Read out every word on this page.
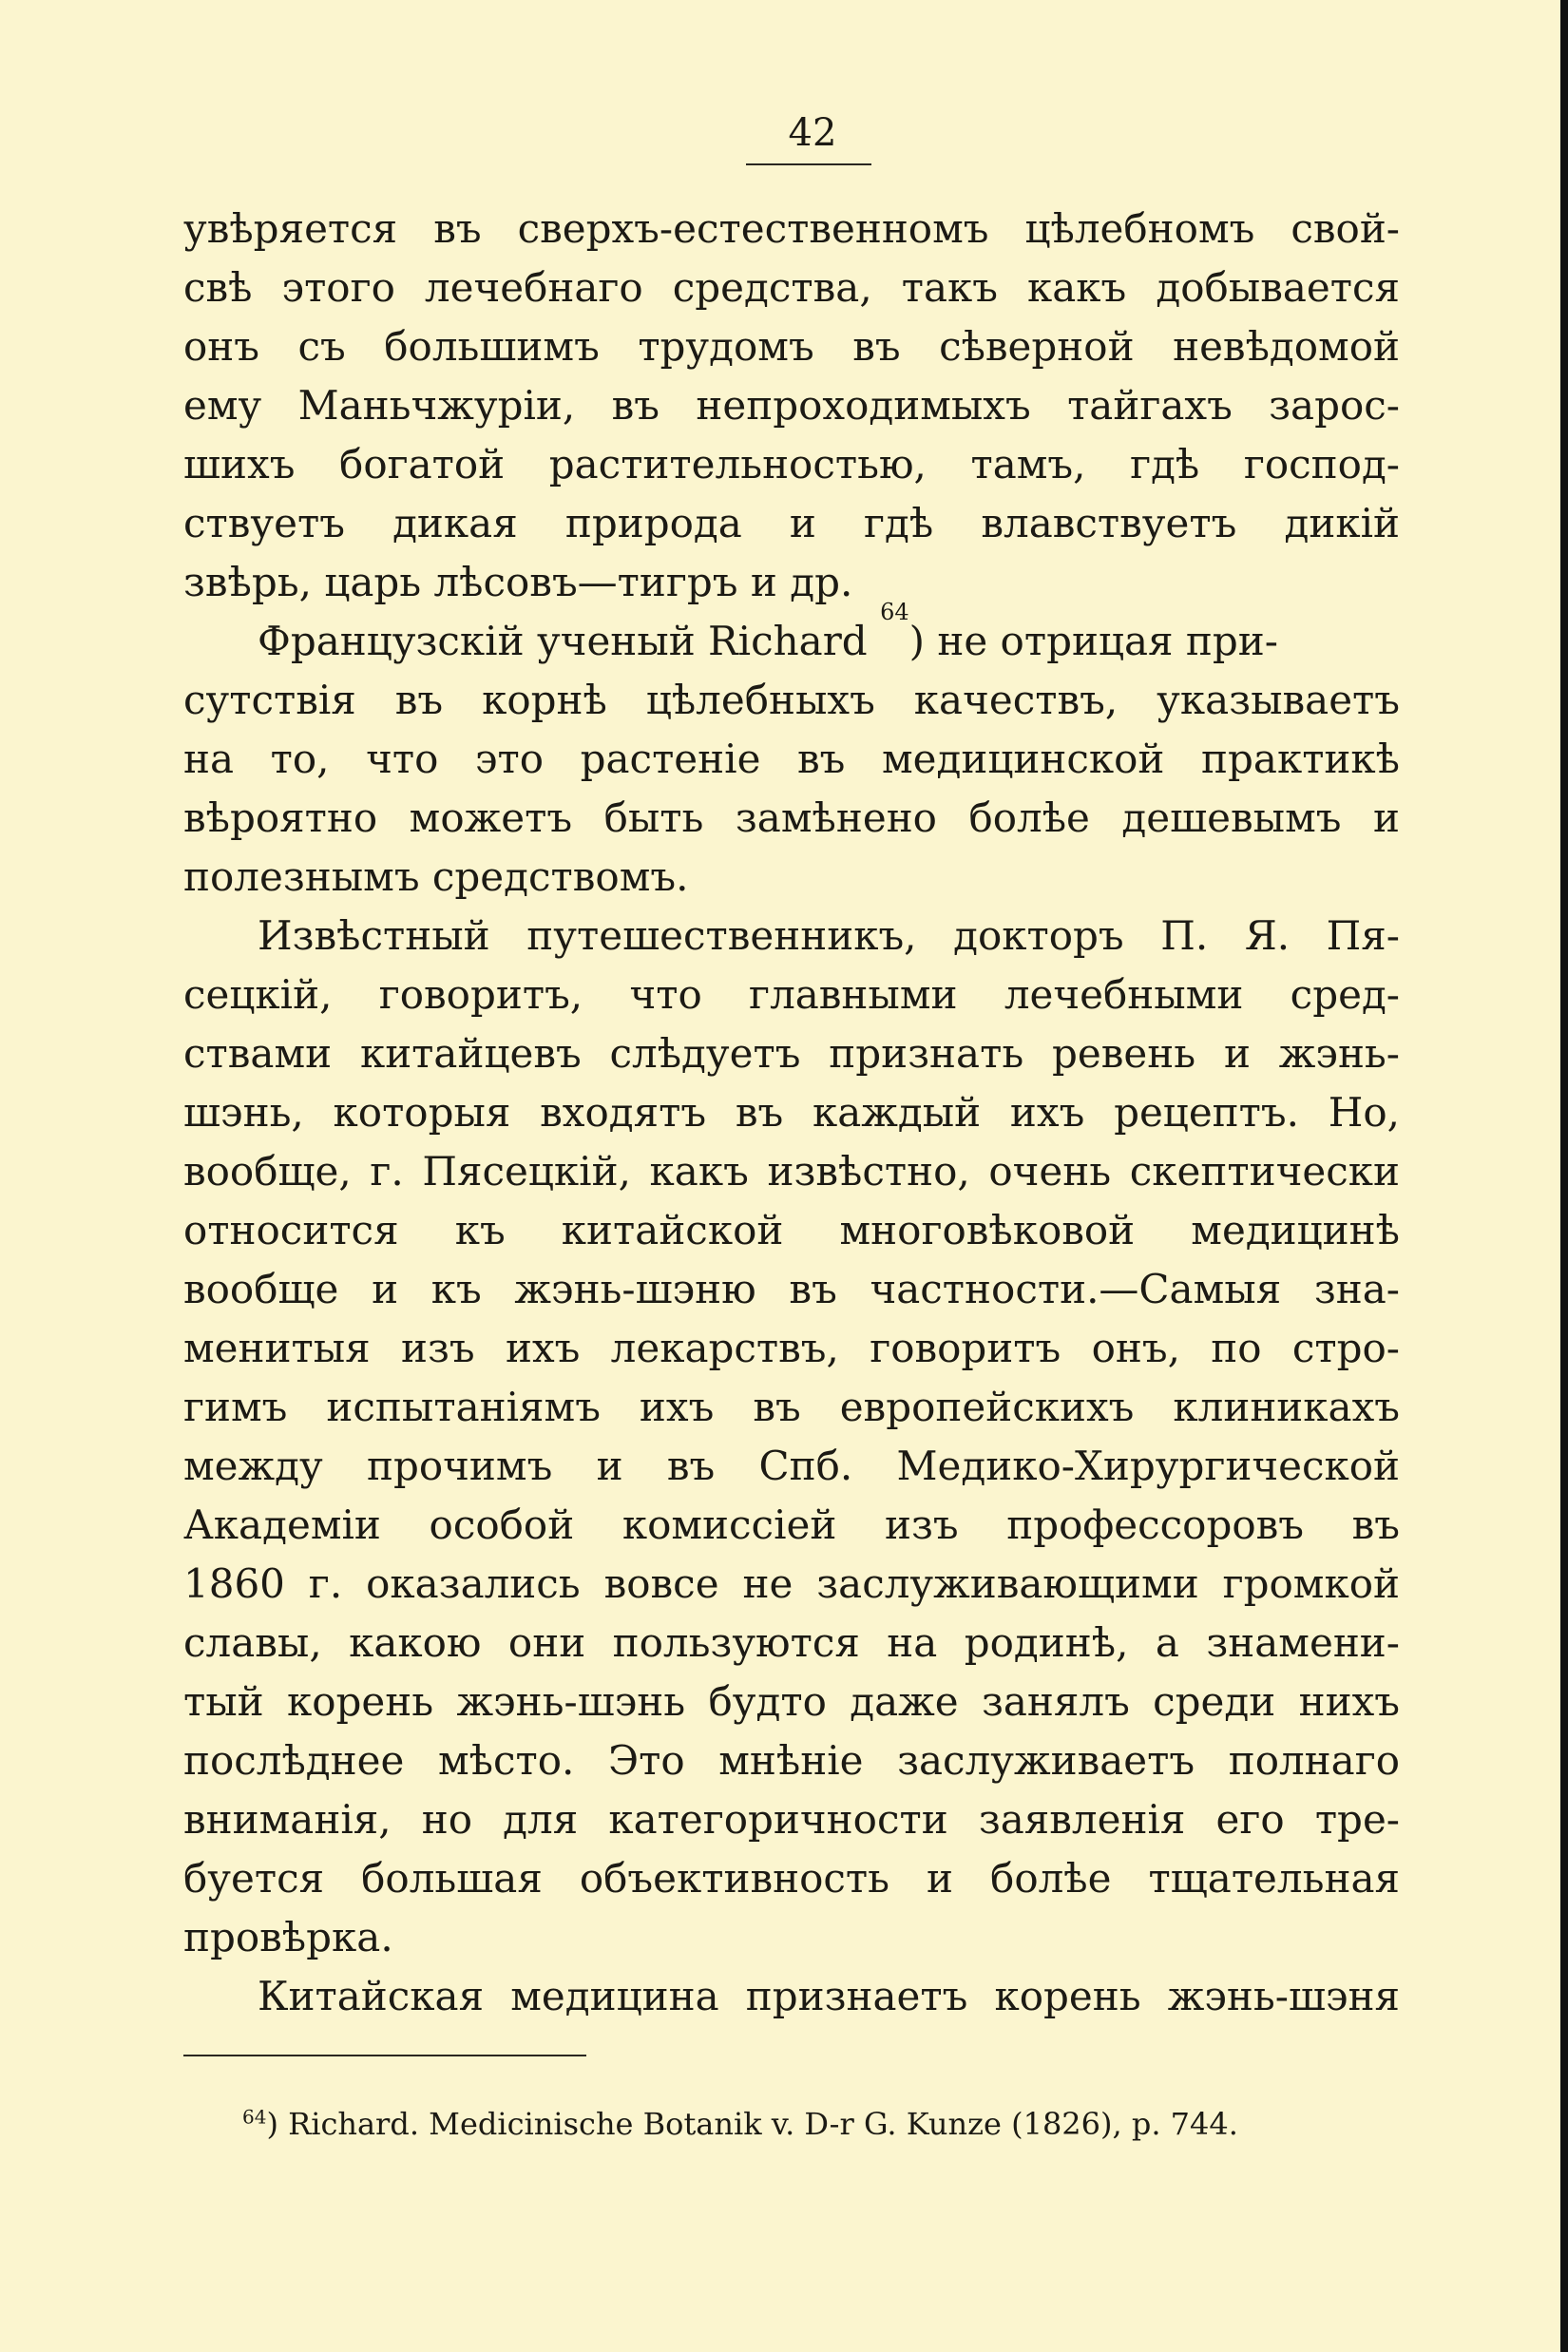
42
увѣряется въ сверхъ-естественномъ цѣлебномъ свой-
свѣ этого лечебнаго средства, такъ какъ добывается
онъ съ большимъ трудомъ въ сѣверной невѣдомой
ему Маньчжуріи, въ непроходимыхъ тайгахъ зарос-
шихъ богатой растительностью, тамъ, гдѣ господ-
ствуетъ дикая природа и гдѣ влавствуетъ дикій
звѣрь, царь лѣсовъ—тигръ и др.
Французскій ученый Richard

64
) не отрицая при-
сутствія въ корнѣ цѣлебныхъ качествъ, указываетъ
на то, что это растеніе въ медицинской практикѣ
вѣроятно можетъ быть замѣнено болѣе дешевымъ и
полезнымъ средствомъ.
Извѣстный путешественникъ, докторъ П. Я. Пя-
сецкій, говоритъ, что главными лечебными сред-
ствами китайцевъ слѣдуетъ признать ревень и жэнь-
шэнь, которыя входятъ въ каждый ихъ рецептъ. Но,
вообще, г. Пясецкій, какъ извѣстно, очень скептически
относится къ китайской многовѣковой медицинѣ
вообще и къ жэнь-шэню въ частности.—Самыя зна-
менитыя изъ ихъ лекарствъ, говоритъ онъ, по стро-
гимъ испытаніямъ ихъ въ европейскихъ клиникахъ
между прочимъ и въ Спб. Медико-Хирургической
Академіи особой комиссіей изъ профессоровъ въ
1860 г. оказались вовсе не заслуживающими громкой
славы, какою они пользуются на родинѣ, а знамени-
тый корень жэнь-шэнь будто даже занялъ среди нихъ
послѣднее мѣсто. Это мнѣніе заслуживаетъ полнаго
вниманія, но для категоричности заявленія его тре-
буется большая объективность и болѣе тщательная
провѣрка.
Китайская медицина признаетъ корень жэнь-шэня
$^{64}$) Richard. Medicinische Botanik v. D-r G. Kunze (1826), p. 744.
